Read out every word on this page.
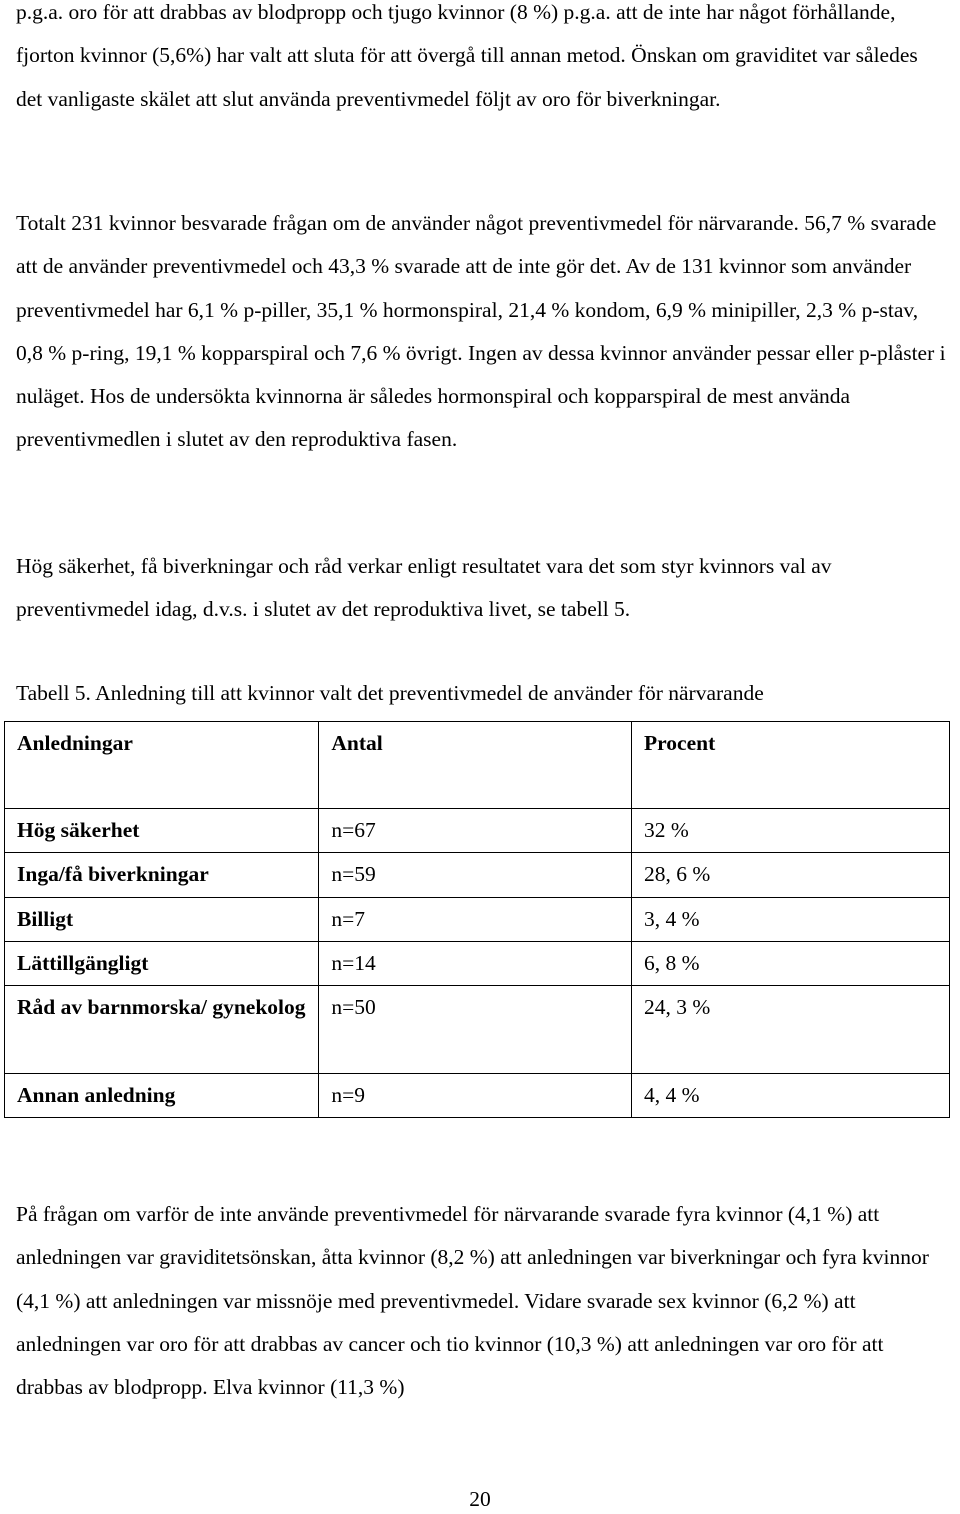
p.g.a. oro för att drabbas av blodpropp och tjugo kvinnor (8 %) p.g.a. att de inte har något förhållande, fjorton kvinnor (5,6%) har valt att sluta för att övergå till annan metod. Önskan om graviditet var således det vanligaste skälet att slut använda preventivmedel följt av oro för biverkningar.

Totalt 231 kvinnor besvarade frågan om de använder något preventivmedel för närvarande. 56,7 % svarade att de använder preventivmedel och 43,3 % svarade att de inte gör det. Av de 131 kvinnor som använder preventivmedel har 6,1 % p-piller, 35,1 % hormonspiral, 21,4 % kondom, 6,9 % minipiller, 2,3 % p-stav, 0,8 % p-ring, 19,1 % kopparspiral och 7,6 % övrigt. Ingen av dessa kvinnor använder pessar eller p-plåster i nuläget. Hos de undersökta kvinnorna är således hormonspiral och kopparspiral de mest använda preventivmedlen i slutet av den reproduktiva fasen.

Hög säkerhet, få biverkningar och råd verkar enligt resultatet vara det som styr kvinnors val av preventivmedel idag, d.v.s. i slutet av det reproduktiva livet, se tabell 5.

Tabell 5. Anledning till att kvinnor valt det preventivmedel de använder för närvarande

Anledningar	Antal	Procent
Hög säkerhet	n=67	32 %
Inga/få biverkningar	n=59	28, 6 %
Billigt	n=7	3, 4 %
Lättillgängligt	n=14	6, 8 %
Råd av barnmorska/ gynekolog	n=50	24, 3 %
Annan anledning	n=9	4, 4 %

På frågan om varför de inte använde preventivmedel för närvarande svarade fyra kvinnor (4,1 %) att anledningen var graviditetsönskan, åtta kvinnor (8,2 %) att anledningen var biverkningar och fyra kvinnor (4,1 %) att anledningen var missnöje med preventivmedel. Vidare svarade sex kvinnor (6,2 %) att anledningen var oro för att drabbas av cancer och tio kvinnor (10,3 %) att anledningen var oro för att drabbas av blodpropp. Elva kvinnor (11,3 %)

20
